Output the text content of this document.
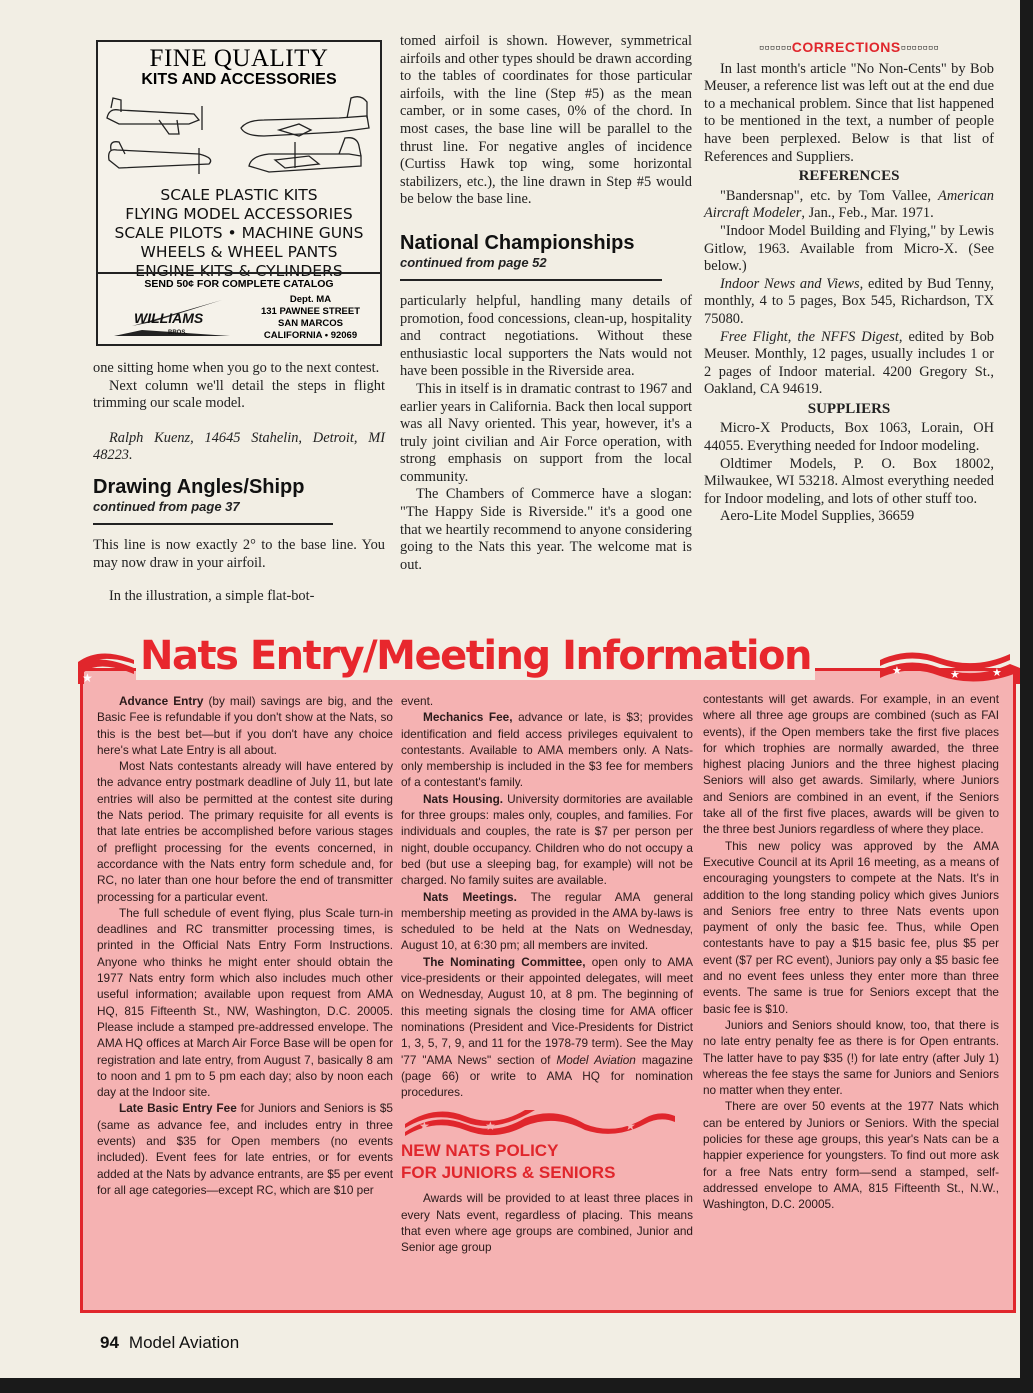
FINE QUALITY
KITS AND ACCESSORIES
SCALE PLASTIC KITS
FLYING MODEL ACCESSORIES
SCALE PILOTS • MACHINE GUNS
WHEELS & WHEEL PANTS
ENGINE KITS & CYLINDERS
SEND 50¢ FOR COMPLETE CATALOG
WILLIAMS
BROS.
Dept. MA
131 PAWNEE STREET
SAN MARCOS
CALIFORNIA • 92069

one sitting home when you go to the next contest.

Next column we'll detail the steps in flight trimming our scale model.

Ralph Kuenz, 14645 Stahelin, Detroit, MI 48223.

Drawing Angles/Shipp
continued from page 37

This line is now exactly 2° to the base line. You may now draw in your airfoil.

In the illustration, a simple flat-bot-

tomed airfoil is shown. However, symmetrical airfoils and other types should be drawn according to the tables of coordinates for those particular airfoils, with the line (Step #5) as the mean camber, or in some cases, 0% of the chord. In most cases, the base line will be parallel to the thrust line. For negative angles of incidence (Curtiss Hawk top wing, some horizontal stabilizers, etc.), the line drawn in Step #5 would be below the base line.

National Championships
continued from page 52

particularly helpful, handling many details of promotion, food concessions, clean-up, hospitality and contract negotiations. Without these enthusiastic local supporters the Nats would not have been possible in the Riverside area.

This in itself is in dramatic contrast to 1967 and earlier years in California. Back then local support was all Navy oriented. This year, however, it's a truly joint civilian and Air Force operation, with strong emphasis on support from the local community.

The Chambers of Commerce have a slogan: "The Happy Side is Riverside." it's a good one that we heartily recommend to anyone considering going to the Nats this year. The welcome mat is out.

▫▫▫▫▫▫CORRECTIONS▫▫▫▫▫▫▫

In last month's article "No Non-Cents" by Bob Meuser, a reference list was left out at the end due to a mechanical problem. Since that list happened to be mentioned in the text, a number of people have been perplexed. Below is that list of References and Suppliers.

REFERENCES

"Bandersnap", etc. by Tom Vallee, American Aircraft Modeler, Jan., Feb., Mar. 1971.

"Indoor Model Building and Flying," by Lewis Gitlow, 1963. Available from Micro-X. (See below.)

Indoor News and Views, edited by Bud Tenny, monthly, 4 to 5 pages, Box 545, Richardson, TX 75080.

Free Flight, the NFFS Digest, edited by Bob Meuser. Monthly, 12 pages, usually includes 1 or 2 pages of Indoor material. 4200 Gregory St., Oakland, CA 94619.

SUPPLIERS

Micro-X Products, Box 1063, Lorain, OH 44055. Everything needed for Indoor modeling.

Oldtimer Models, P. O. Box 18002, Milwaukee, WI 53218. Almost everything needed for Indoor modeling, and lots of other stuff too.

Aero-Lite Model Supplies, 36659

Advance Entry (by mail) savings are big, and the Basic Fee is refundable if you don't show at the Nats, so this is the best bet—but if you don't have any choice here's what Late Entry is all about.

Most Nats contestants already will have entered by the advance entry postmark deadline of July 11, but late entries will also be permitted at the contest site during the Nats period. The primary requisite for all events is that late entries be accomplished before various stages of preflight processing for the events concerned, in accordance with the Nats entry form schedule and, for RC, no later than one hour before the end of transmitter processing for a particular event.

The full schedule of event flying, plus Scale turn-in deadlines and RC transmitter processing times, is printed in the Official Nats Entry Form Instructions. Anyone who thinks he might enter should obtain the 1977 Nats entry form which also includes much other useful information; available upon request from AMA HQ, 815 Fifteenth St., NW, Washington, D.C. 20005. Please include a stamped pre-addressed envelope. The AMA HQ offices at March Air Force Base will be open for registration and late entry, from August 7, basically 8 am to noon and 1 pm to 5 pm each day; also by noon each day at the Indoor site.

Late Basic Entry Fee for Juniors and Seniors is $5 (same as advance fee, and includes entry in three events) and $35 for Open members (no events included). Event fees for late entries, or for events added at the Nats by advance entrants, are $5 per event for all age categories—except RC, which are $10 per

event.

Mechanics Fee, advance or late, is $3; provides identification and field access privileges equivalent to contestants. Available to AMA members only. A Nats-only membership is included in the $3 fee for members of a contestant's family.

Nats Housing. University dormitories are available for three groups: males only, couples, and families. For individuals and couples, the rate is $7 per person per night, double occupancy. Children who do not occupy a bed (but use a sleeping bag, for example) will not be charged. No family suites are available.

Nats Meetings. The regular AMA general membership meeting as provided in the AMA by-laws is scheduled to be held at the Nats on Wednesday, August 10, at 6:30 pm; all members are invited.

The Nominating Committee, open only to AMA vice-presidents or their appointed delegates, will meet on Wednesday, August 10, at 8 pm. The beginning of this meeting signals the closing time for AMA officer nominations (President and Vice-Presidents for District 1, 3, 5, 7, 9, and 11 for the 1978-79 term). See the May '77 "AMA News" section of Model Aviation magazine (page 66) or write to AMA HQ for nomination procedures.

★	★	★	★
NEW NATS POLICY
FOR JUNIORS & SENIORS

Awards will be provided to at least three places in every Nats event, regardless of placing. This means that even where age groups are combined, Junior and Senior age group

contestants will get awards. For example, in an event where all three age groups are combined (such as FAI events), if the Open members take the first five places for which trophies are normally awarded, the three highest placing Juniors and the three highest placing Seniors will also get awards. Similarly, where Juniors and Seniors are combined in an event, if the Seniors take all of the first five places, awards will be given to the three best Juniors regardless of where they place.

This new policy was approved by the AMA Executive Council at its April 16 meeting, as a means of encouraging youngsters to compete at the Nats. It's in addition to the long standing policy which gives Juniors and Seniors free entry to three Nats events upon payment of only the basic fee. Thus, while Open contestants have to pay a $15 basic fee, plus $5 per event ($7 per RC event), Juniors pay only a $5 basic fee and no event fees unless they enter more than three events. The same is true for Seniors except that the basic fee is $10.

Juniors and Seniors should know, too, that there is no late entry penalty fee as there is for Open entrants. The latter have to pay $35 (!) for late entry (after July 1) whereas the fee stays the same for Juniors and Seniors no matter when they enter.

There are over 50 events at the 1977 Nats which can be entered by Juniors or Seniors. With the special policies for these age groups, this year's Nats can be a happier experience for youngsters. To find out more ask for a free Nats entry form—send a stamped, self-addressed envelope to AMA, 815 Fifteenth St., N.W., Washington, D.C. 20005.

★ Nats Entry/Meeting Information	★	★	★
94 Model Aviation
